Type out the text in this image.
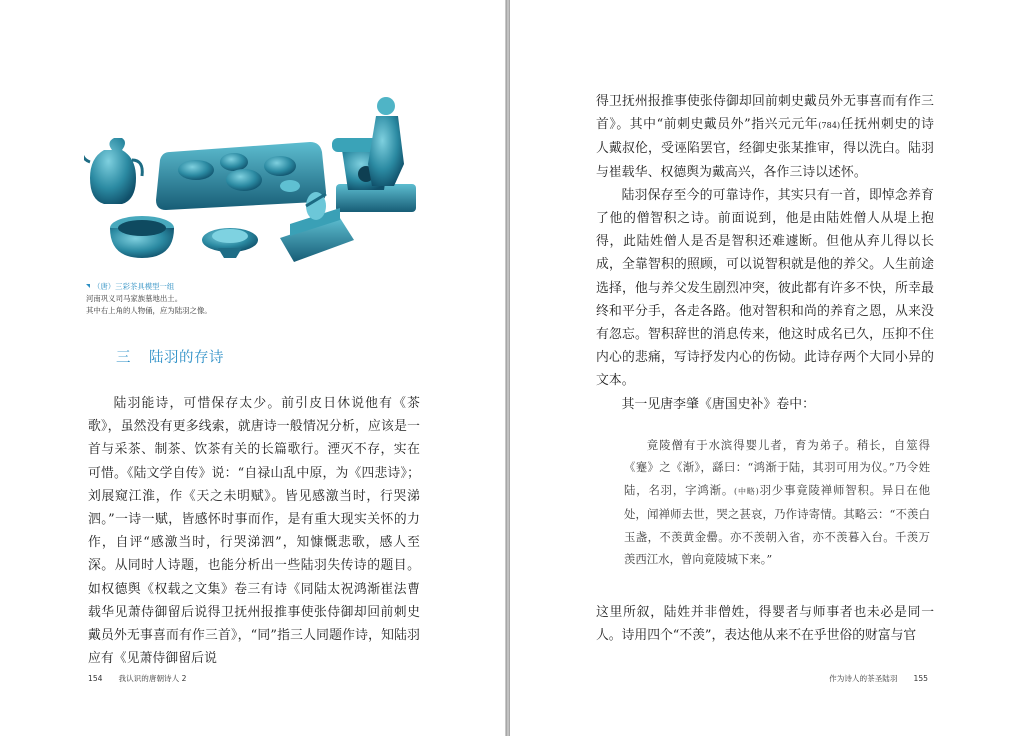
（唐）三彩茶具模型一组
河南巩义司马家族墓地出土。
其中右上角的人物俑，应为陆羽之像。
三 陆羽的存诗

陆羽能诗，可惜保存太少。前引皮日休说他有《茶歌》，虽然没有更多线索，就唐诗一般情况分析，应该是一首与采茶、制茶、饮茶有关的长篇歌行。湮灭不存，实在可惜。《陆文学自传》说：“自禄山乱中原，为《四悲诗》；刘展窥江淮，作《天之未明赋》。皆见感激当时，行哭涕泗。”一诗一赋，皆感怀时事而作，是有重大现实关怀的力作，自评“感激当时，行哭涕泗”，知慷慨悲歌，感人至深。从同时人诗题，也能分析出一些陆羽失传诗的题目。如权德舆《权载之文集》卷三有诗《同陆太祝鸿渐崔法曹载华见萧侍御留后说得卫抚州报推事使张侍御却回前刺史戴员外无事喜而有作三首》，“同”指三人同题作诗，知陆羽应有《见萧侍御留后说

154 我认识的唐朝诗人 2

得卫抚州报推事使张侍御却回前刺史戴员外无事喜而有作三首》。其中“前刺史戴员外”指兴元元年(784)任抚州刺史的诗人戴叔伦，受诬陷罢官，经御史张某推审，得以洗白。陆羽与崔载华、权德舆为戴高兴，各作三诗以述怀。

陆羽保存至今的可靠诗作，其实只有一首，即悼念养育了他的僧智积之诗。前面说到，他是由陆姓僧人从堤上抱得，此陆姓僧人是否是智积还难遽断。但他从弃儿得以长成，全靠智积的照顾，可以说智积就是他的养父。人生前途选择，他与养父发生剧烈冲突，彼此都有许多不快，所幸最终和平分手，各走各路。他对智积和尚的养育之恩，从来没有忽忘。智积辞世的消息传来，他这时成名已久，压抑不住内心的悲痛，写诗抒发内心的伤恸。此诗存两个大同小异的文本。

其一见唐李肇《唐国史补》卷中：

竟陵僧有于水滨得婴儿者，育为弟子。稍长，自筮得《蹇》之《渐》，繇曰：“鸿渐于陆，其羽可用为仪。”乃令姓陆，名羽，字鸿渐。(中略)羽少事竟陵禅师智积。异日在他处，闻禅师去世，哭之甚哀，乃作诗寄情。其略云：“不羡白玉盏，不羡黄金罍。亦不羡朝入省，亦不羡暮入台。千羡万羡西江水，曾向竟陵城下来。”

这里所叙，陆姓并非僧姓，得婴者与师事者也未必是同一人。诗用四个“不羡”，表达他从来不在乎世俗的财富与官

作为诗人的茶圣陆羽 155
